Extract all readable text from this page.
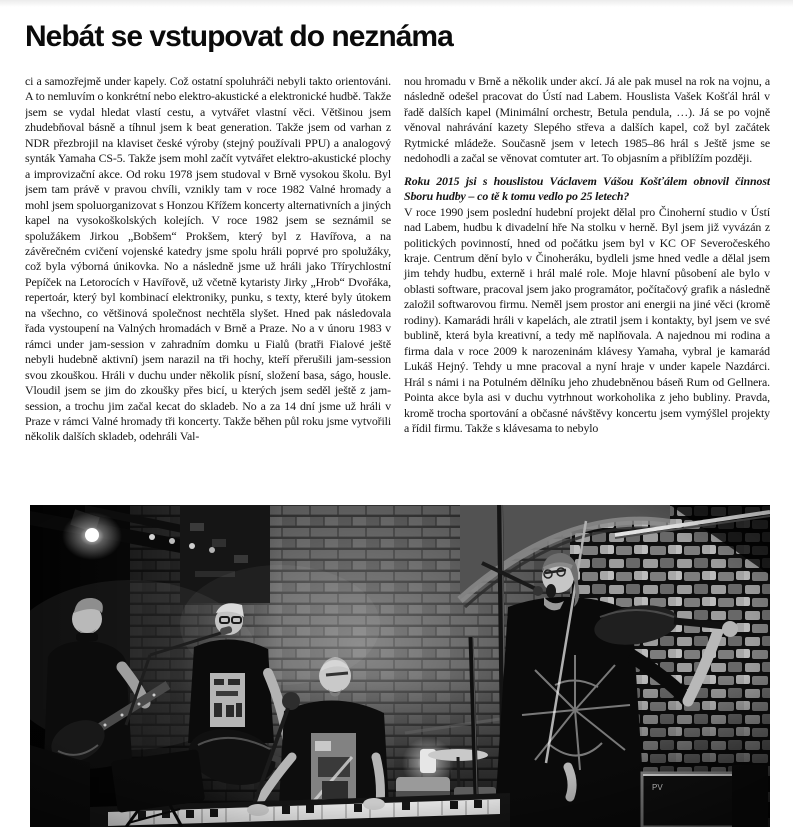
Nebát se vstupovat do neznáma

ci a samozřejmě under kapely. Což ostatní spoluhráči nebyli takto orientováni. A to nemluvím o konkrétní nebo elektro-akustické a elektronické hudbě. Takže jsem se vydal hledat vlastí cestu, a vytvářet vlastní věci. Většinou jsem zhudebňoval básně a tíhnul jsem k beat generation. Takže jsem od varhan z NDR přezbrojil na klaviset české výroby (stejný používali PPU) a analogový synták Yamaha CS-5. Takže jsem mohl začít vytvářet elektro-akustické plochy a improvizační akce. Od roku 1978 jsem studoval v Brně vysokou školu. Byl jsem tam právě v pravou chvíli, vznikly tam v roce 1982 Valné hromady a mohl jsem spoluorganizovat s Honzou Křížem koncerty alternativních a jiných kapel na vysokoškolských kolejích. V roce 1982 jsem se seznámil se spolužákem Jirkou „Bobšem“ Prokšem, který byl z Havířova, a na závěrečném cvičení vojenské katedry jsme spolu hráli poprvé pro spolužáky, což byla výborná únikovka. No a následně jsme už hráli jako Třírychlostní Pepíček na Letorocích v Havířově, už včetně kytaristy Jirky „Hrob“ Dvořáka, repertoár, který byl kombinací elektroniky, punku, s texty, které byly útokem na všechno, co většinová společnost nechtěla slyšet. Hned pak následovala řada vystoupení na Valných hromadách v Brně a Praze. No a v únoru 1983 v rámci under jam-session v zahradním domku u Fialů (bratři Fialové ještě nebyli hudebně aktivní) jsem narazil na tři hochy, kteří přerušili jam-session svou zkouškou. Hráli v duchu under několik písní, složení basa, ságo, housle. Vloudil jsem se jim do zkoušky přes bicí, u kterých jsem seděl ještě z jam-session, a trochu jim začal kecat do skladeb. No a za 14 dní jsme už hráli v Praze v rámci Valné hromady tři koncerty. Takže běhen půl roku jsme vytvořili několik dalších skladeb, odehráli Val-

nou hromadu v Brně a několik under akcí. Já ale pak musel na rok na vojnu, a následně odešel pracovat do Ústí nad Labem. Houslista Vašek Košťál hrál v řadě dalších kapel (Minimální orchestr, Betula pendula, …). Já se po vojně věnoval nahrávání kazety Slepého střeva a dalších kapel, což byl začátek Rytmické mládeže. Současně jsem v letech 1985–86 hrál s Ještě jsme se nedohodli a začal se věnovat comtuter art. To objasním a přiblížím později.

Roku 2015 jsi s houslistou Václavem Vášou Košťálem obnovil činnost Sboru hudby – co tě k tomu vedlo po 25 letech?

V roce 1990 jsem poslední hudební projekt dělal pro Činoherní studio v Ústí nad Labem, hudbu k divadelní hře Na stolku v herně. Byl jsem již vyvázán z politických povinností, hned od počátku jsem byl v KC OF Severočeského kraje. Centrum dění bylo v Činoheráku, bydleli jsme hned vedle a dělal jsem jim tehdy hudbu, externě i hrál malé role. Moje hlavní působení ale bylo v oblasti software, pracoval jsem jako programátor, počítačový grafik a následně založil softwarovou firmu. Neměl jsem prostor ani energii na jiné věci (kromě rodiny). Kamarádi hráli v kapelách, ale ztratil jsem i kontakty, byl jsem ve své bublině, která byla kreativní, a tedy mě naplňovala. A najednou mi rodina a firma dala v roce 2009 k narozeninám klávesy Yamaha, vybral je kamarád Lukáš Hejný. Tehdy u mne pracoval a nyní hraje v under kapele Nazdárci. Hrál s námi i na Potulném dělníku jeho zhudebněnou báseň Rum od Gellnera. Pointa akce byla asi v duchu vytrhnout workoholika z jeho bubliny. Pravda, kromě trocha sportování a občasné návštěvy koncertu jsem vymýšlel projekty a řídil firmu. Takže s klávesama to nebylo
